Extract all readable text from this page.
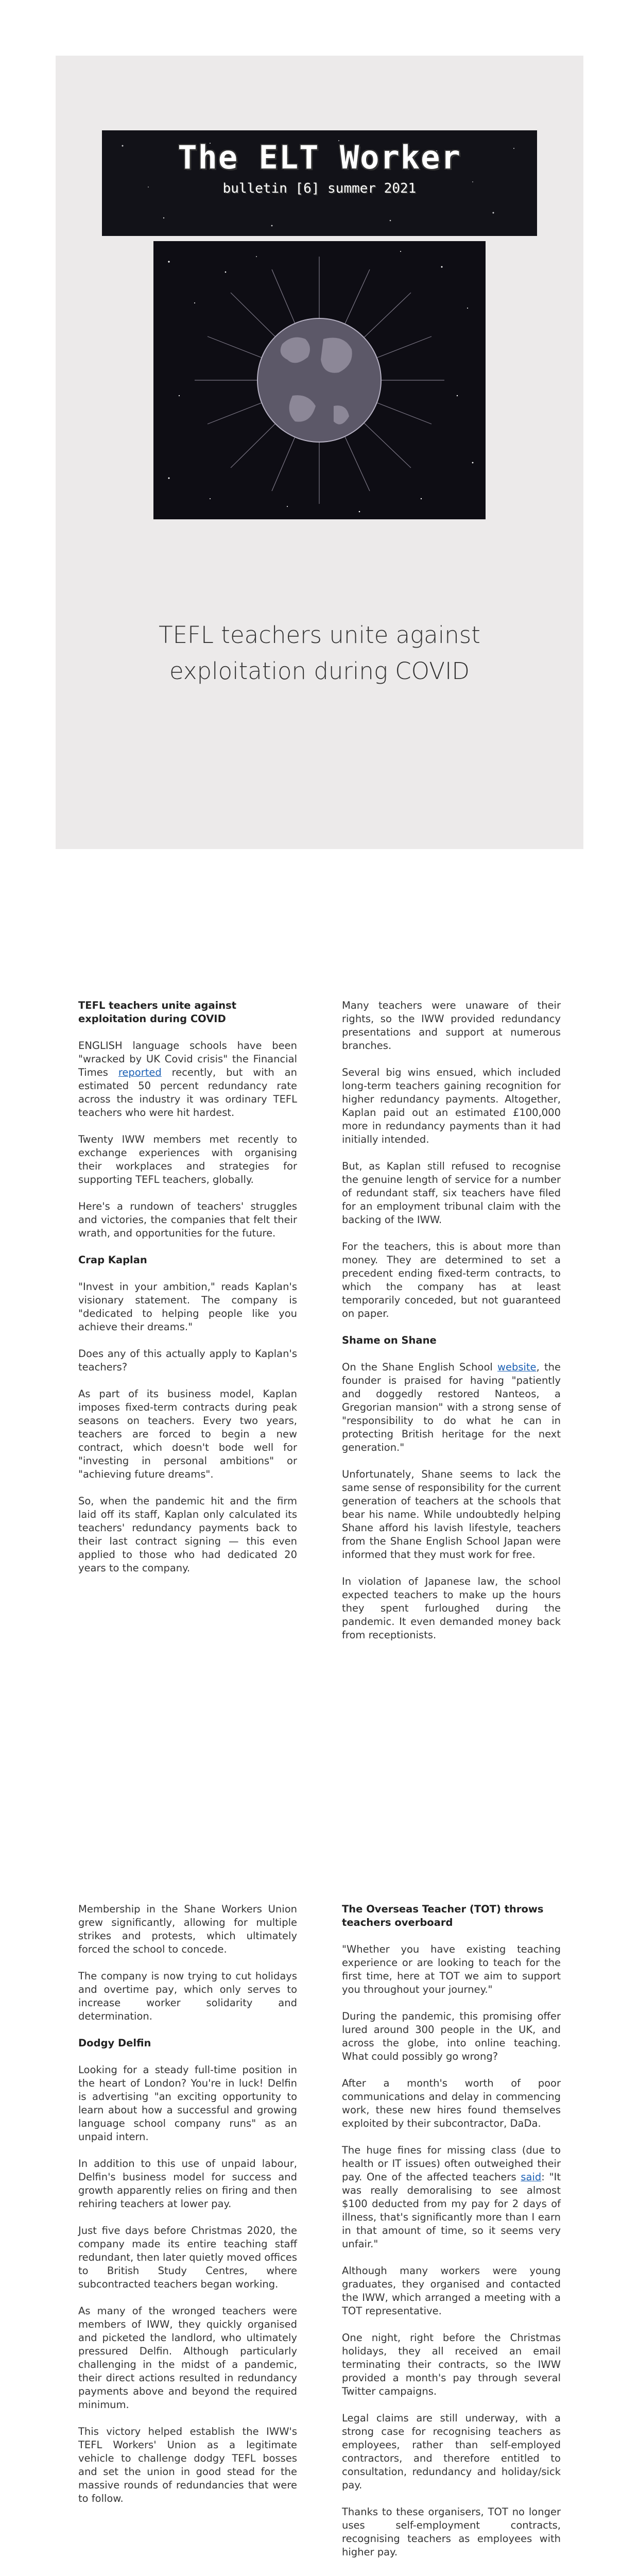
The ELT Worker
bulletin [6] summer 2021
TEFL teachers unite against exploitation during COVID
TEFL teachers unite against exploitation during COVID

ENGLISH language schools have been "wracked by UK Covid crisis" the Financial Times reported recently, but with an estimated 50 percent redundancy rate across the industry it was ordinary TEFL teachers who were hit hardest.

Twenty IWW members met recently to exchange experiences with organising their workplaces and strategies for supporting TEFL teachers, globally.

Here's a rundown of teachers' struggles and victories, the companies that felt their wrath, and opportunities for the future.

Crap Kaplan

"Invest in your ambition," reads Kaplan's visionary statement. The company is "dedicated to helping people like you achieve their dreams."

Does any of this actually apply to Kaplan's teachers?

As part of its business model, Kaplan imposes fixed-term contracts during peak seasons on teachers. Every two years, teachers are forced to begin a new contract, which doesn't bode well for "investing in personal ambitions" or "achieving future dreams".

So, when the pandemic hit and the firm laid off its staff, Kaplan only calculated its teachers' redundancy payments back to their last contract signing — this even applied to those who had dedicated 20 years to the company.

Many teachers were unaware of their rights, so the IWW provided redundancy presentations and support at numerous branches.

Several big wins ensued, which included long-term teachers gaining recognition for higher redundancy payments. Altogether, Kaplan paid out an estimated £100,000 more in redundancy payments than it had initially intended.

But, as Kaplan still refused to recognise the genuine length of service for a number of redundant staff, six teachers have filed for an employment tribunal claim with the backing of the IWW.

For the teachers, this is about more than money. They are determined to set a precedent ending fixed-term contracts, to which the company has at least temporarily conceded, but not guaranteed on paper.

Shame on Shane

On the Shane English School website, the founder is praised for having "patiently and doggedly restored Nanteos, a Gregorian mansion" with a strong sense of "responsibility to do what he can in protecting British heritage for the next generation."

Unfortunately, Shane seems to lack the same sense of responsibility for the current generation of teachers at the schools that bear his name. While undoubtedly helping Shane afford his lavish lifestyle, teachers from the Shane English School Japan were informed that they must work for free.

In violation of Japanese law, the school expected teachers to make up the hours they spent furloughed during the pandemic. It even demanded money back from receptionists.

Membership in the Shane Workers Union grew significantly, allowing for multiple strikes and protests, which ultimately forced the school to concede.

The company is now trying to cut holidays and overtime pay, which only serves to increase worker solidarity and determination.

Dodgy Delfin

Looking for a steady full-time position in the heart of London? You're in luck! Delfin is advertising "an exciting opportunity to learn about how a successful and growing language school company runs" as an unpaid intern.

In addition to this use of unpaid labour, Delfin's business model for success and growth apparently relies on firing and then rehiring teachers at lower pay.

Just five days before Christmas 2020, the company made its entire teaching staff redundant, then later quietly moved offices to British Study Centres, where subcontracted teachers began working.

As many of the wronged teachers were members of IWW, they quickly organised and picketed the landlord, who ultimately pressured Delfin. Although particularly challenging in the midst of a pandemic, their direct actions resulted in redundancy payments above and beyond the required minimum.

This victory helped establish the IWW's TEFL Workers' Union as a legitimate vehicle to challenge dodgy TEFL bosses and set the union in good stead for the massive rounds of redundancies that were to follow.

The Overseas Teacher (TOT) throws teachers overboard

"Whether you have existing teaching experience or are looking to teach for the first time, here at TOT we aim to support you throughout your journey."

During the pandemic, this promising offer lured around 300 people in the UK, and across the globe, into online teaching. What could possibly go wrong?

After a month's worth of poor communications and delay in commencing work, these new hires found themselves exploited by their subcontractor, DaDa.

The huge fines for missing class (due to health or IT issues) often outweighed their pay. One of the affected teachers said: "It was really demoralising to see almost $100 deducted from my pay for 2 days of illness, that's significantly more than I earn in that amount of time, so it seems very unfair."

Although many workers were young graduates, they organised and contacted the IWW, which arranged a meeting with a TOT representative.

One night, right before the Christmas holidays, they all received an email terminating their contracts, so the IWW provided a month's pay through several Twitter campaigns.

Legal claims are still underway, with a strong case for recognising teachers as employees, rather than self-employed contractors, and therefore entitled to consultation, redundancy and holiday/sick pay.

Thanks to these organisers, TOT no longer uses self-employment contracts, recognising teachers as employees with higher pay.
